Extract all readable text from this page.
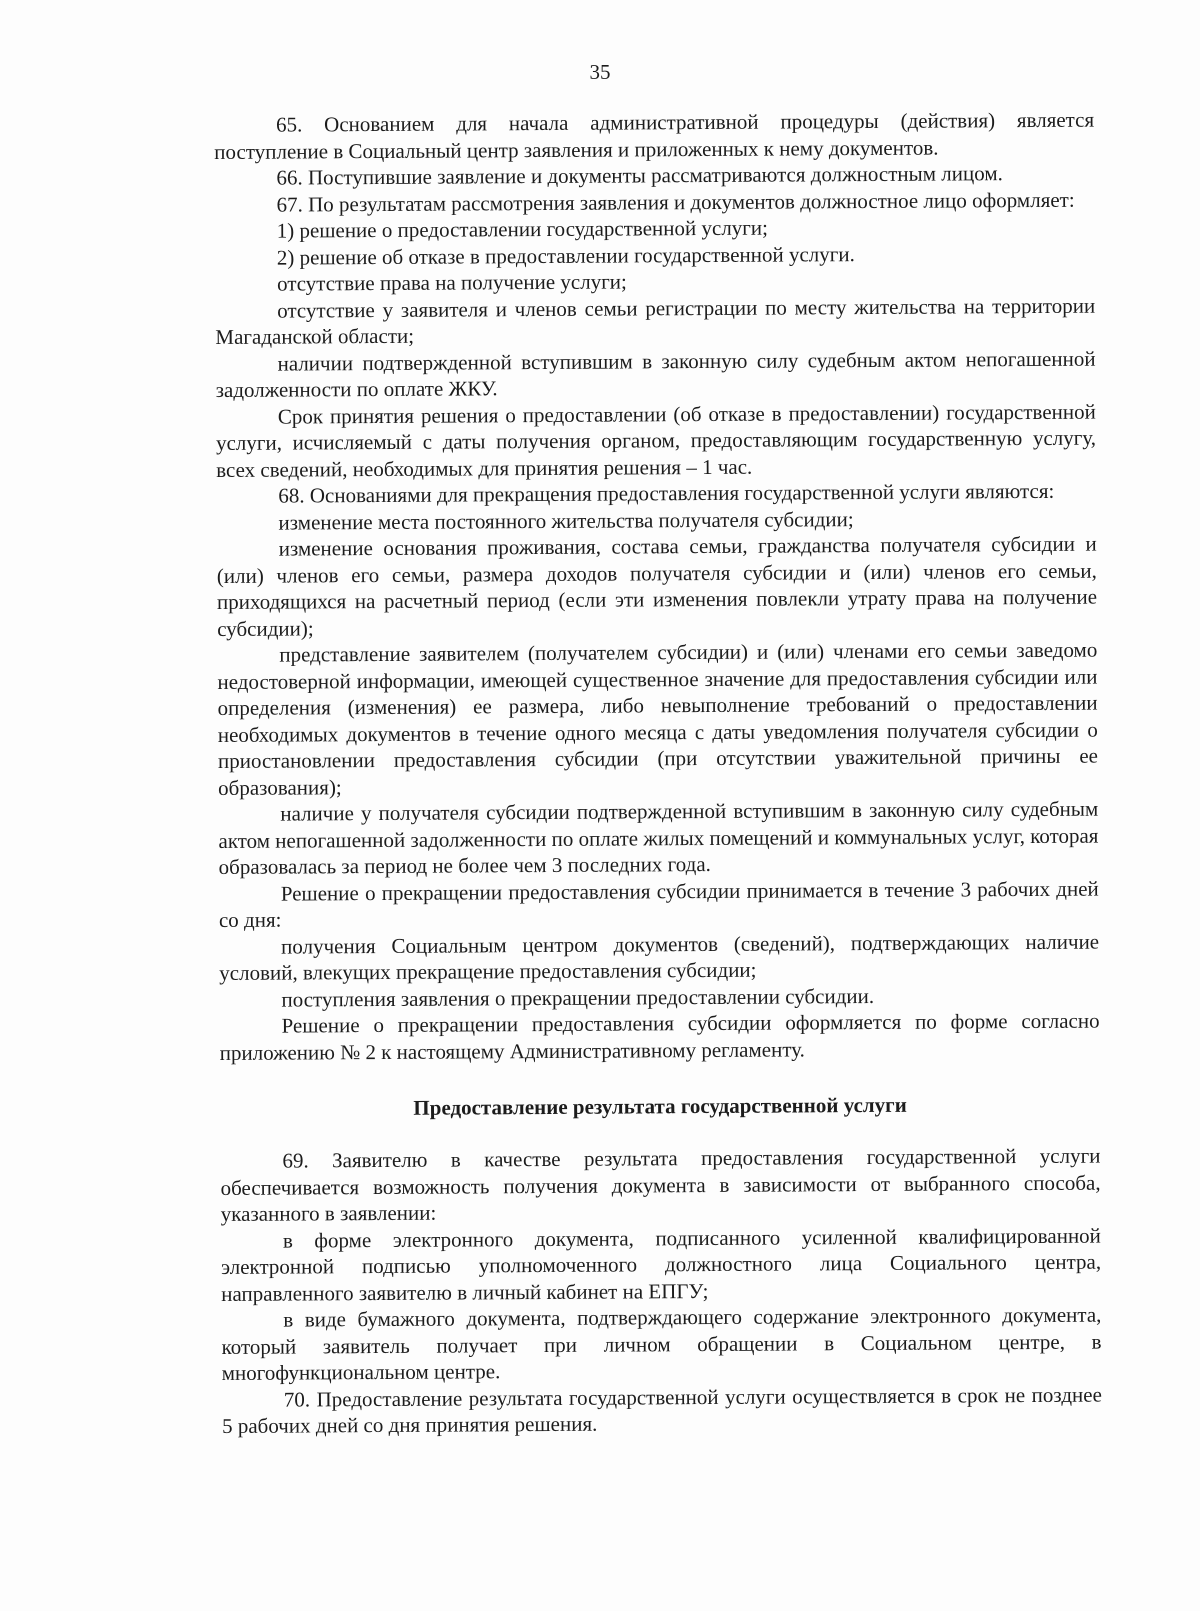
35

65. Основанием для начала административной процедуры (действия) является поступление в Социальный центр заявления и приложенных к нему документов.

66. Поступившие заявление и документы рассматриваются должностным лицом.

67. По результатам рассмотрения заявления и документов должностное лицо оформляет:

1) решение о предоставлении государственной услуги;

2) решение об отказе в предоставлении государственной услуги.

отсутствие права на получение услуги;

отсутствие у заявителя и членов семьи регистрации по месту жительства на территории Магаданской области;

наличии подтвержденной вступившим в законную силу судебным актом непогашенной задолженности по оплате ЖКУ.

Срок принятия решения о предоставлении (об отказе в предоставлении) государственной услуги, исчисляемый с даты получения органом, предоставляющим государственную услугу, всех сведений, необходимых для принятия решения – 1 час.

68. Основаниями для прекращения предоставления государственной услуги являются:

изменение места постоянного жительства получателя субсидии;

изменение основания проживания, состава семьи, гражданства получателя субсидии и (или) членов его семьи, размера доходов получателя субсидии и (или) членов его семьи, приходящихся на расчетный период (если эти изменения повлекли утрату права на получение субсидии);

представление заявителем (получателем субсидии) и (или) членами его семьи заведомо недостоверной информации, имеющей существенное значение для предоставления субсидии или определения (изменения) ее размера, либо невыполнение требований о предоставлении необходимых документов в течение одного месяца с даты уведомления получателя субсидии о приостановлении предоставления субсидии (при отсутствии уважительной причины ее образования);

наличие у получателя субсидии подтвержденной вступившим в законную силу судебным актом непогашенной задолженности по оплате жилых помещений и коммунальных услуг, которая образовалась за период не более чем 3 последних года.

Решение о прекращении предоставления субсидии принимается в течение 3 рабочих дней со дня:

получения Социальным центром документов (сведений), подтверждающих наличие условий, влекущих прекращение предоставления субсидии;

поступления заявления о прекращении предоставлении субсидии.

Решение о прекращении предоставления субсидии оформляется по форме согласно приложению № 2 к настоящему Административному регламенту.

Предоставление результата государственной услуги

69. Заявителю в качестве результата предоставления государственной услуги обеспечивается возможность получения документа в зависимости от выбранного способа, указанного в заявлении:

в форме электронного документа, подписанного усиленной квалифицированной электронной подписью уполномоченного должностного лица Социального центра, направленного заявителю в личный кабинет на ЕПГУ;

в виде бумажного документа, подтверждающего содержание электронного документа, который заявитель получает при личном обращении в Социальном центре, в многофункциональном центре.

70. Предоставление результата государственной услуги осуществляется в срок не позднее 5 рабочих дней со дня принятия решения.
